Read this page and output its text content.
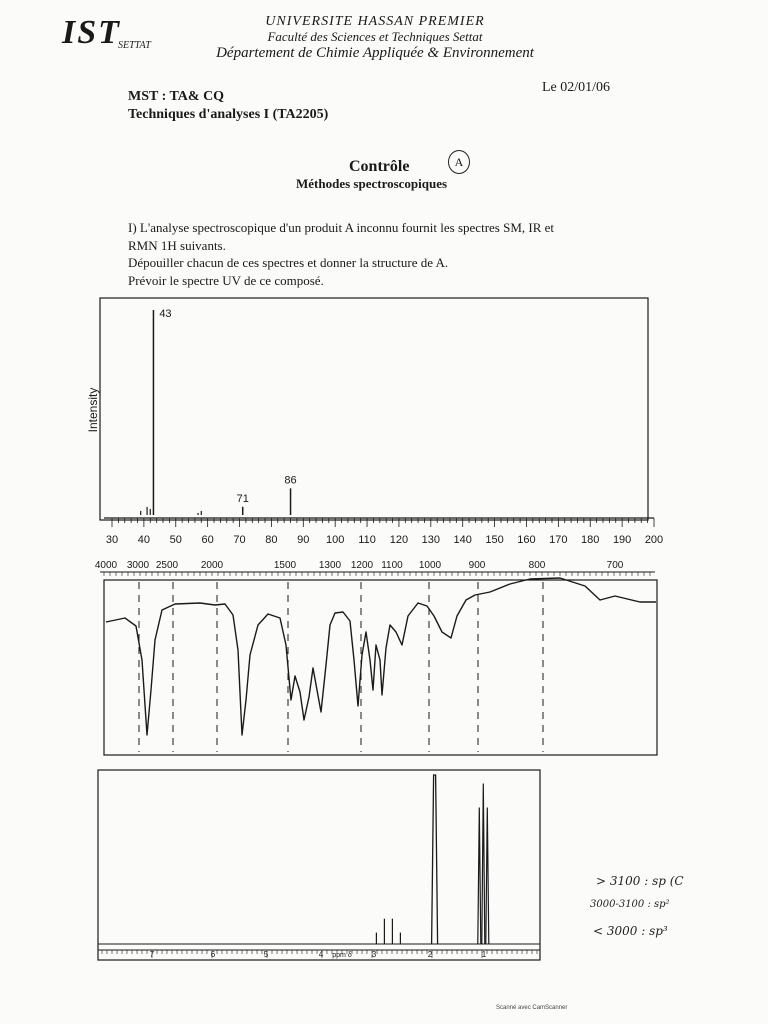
IST
SETTAT
UNIVERSITE HASSAN PREMIER
Faculté des Sciences et Techniques Settat
Département de Chimie Appliquée & Environnement
MST : TA& CQ
Techniques d'analyses I (TA2205)
Le 02/01/06
Contrôle	A
Méthodes spectroscopiques
I) L'analyse spectroscopique d'un produit A inconnu fournit les spectres SM, IR et
RMN 1H suivants.
Dépouiller chacun de ces spectres et donner la structure de A.
Prévoir le spectre UV de ce composé.
30 40 50 60 70 80 90 100 110 120 130 140 150 160 170 180 190 200
Intensity
43
71
86
4000 3000 2500 2000	1500 1300 1200 1100 1000	900	800	700
7	6	5	4	3	2	1
ppm δ
> 3100 : sp (C
3000-3100 : sp²
< 3000 : sp³
Scanné avec CamScanner
